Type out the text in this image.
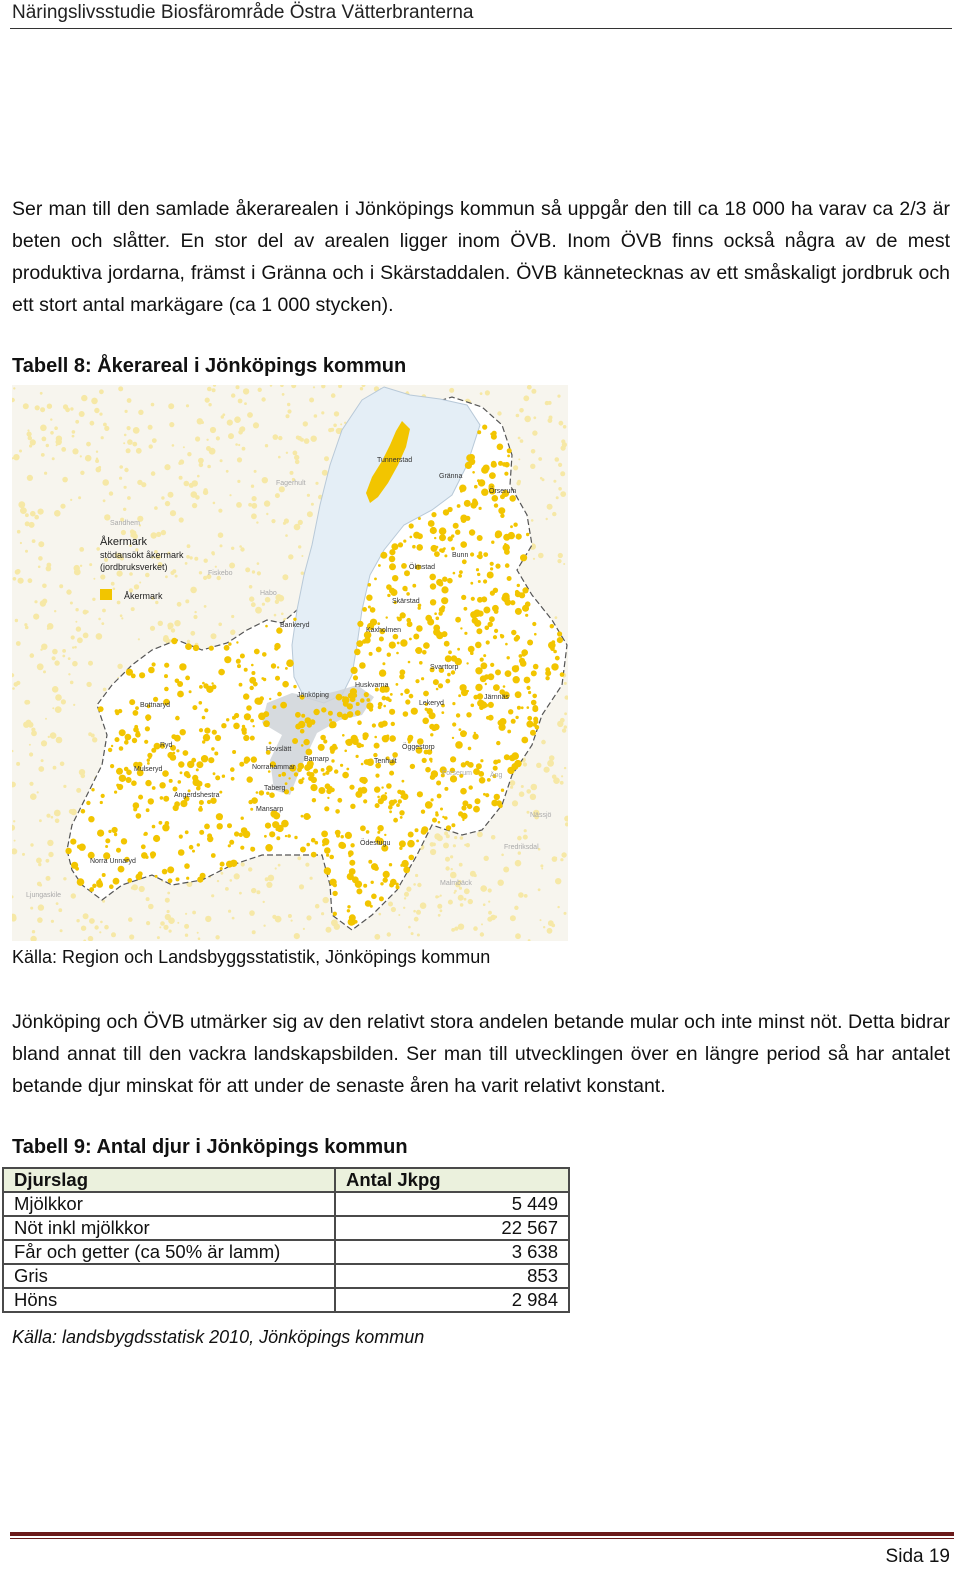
Näringslivsstudie Biosfärområde Östra Vätterbranterna
Ser man till den samlade åkerarealen i Jönköpings kommun så uppgår den till ca 18 000 ha varav ca 2/3 är beten och slåtter. En stor del av arealen ligger inom ÖVB. Inom ÖVB finns också några av de mest produktiva jordarna, främst i Gränna och i Skärstaddalen. ÖVB kännetecknas av ett småskaligt jordbruk och ett stort antal markägare (ca 1 000 stycken).
Tabell 8: Åkerareal i Jönköpings kommun
Åkermark
stödansökt åkermark
(jordbruksverket)
Åkermark
Tunnerstad
Gränna
Örserum
Bunn
Ölmstad
Skärstad
Kaxholmen
Bankeryd
Svarttorp
Huskvarna
Järnnäs
Jönköping
Lekeryd
Bottnaryd
Öggestorp
Hovslätt
Barnarp
Ryd
Tenhult
Mulseryd	Norrahammar
Taberg
Angerdshestra
Mansarp
Ödestugu
Norra Unnaryd
Sandhem
Fagerhult
Habo
Forserum	Äng
Nässjö
Fredriksdal
Malmbäck
Ljungaskile
Fiskebo
Källa: Region och Landsbyggsstatistik, Jönköpings kommun
Jönköping och ÖVB utmärker sig av den relativt stora andelen betande mular och inte minst nöt. Detta bidrar bland annat till den vackra landskapsbilden. Ser man till utvecklingen över en längre period så har antalet betande djur minskat för att under de senaste åren ha varit relativt konstant.
Tabell 9: Antal djur i Jönköpings kommun
Djurslag	Antal Jkpg
Mjölkkor	5 449
Nöt inkl mjölkkor	22 567
Får och getter (ca 50% är lamm)	3 638
Gris	853
Höns	2 984
Källa: landsbygdsstatisk 2010, Jönköpings kommun
Sida 19
